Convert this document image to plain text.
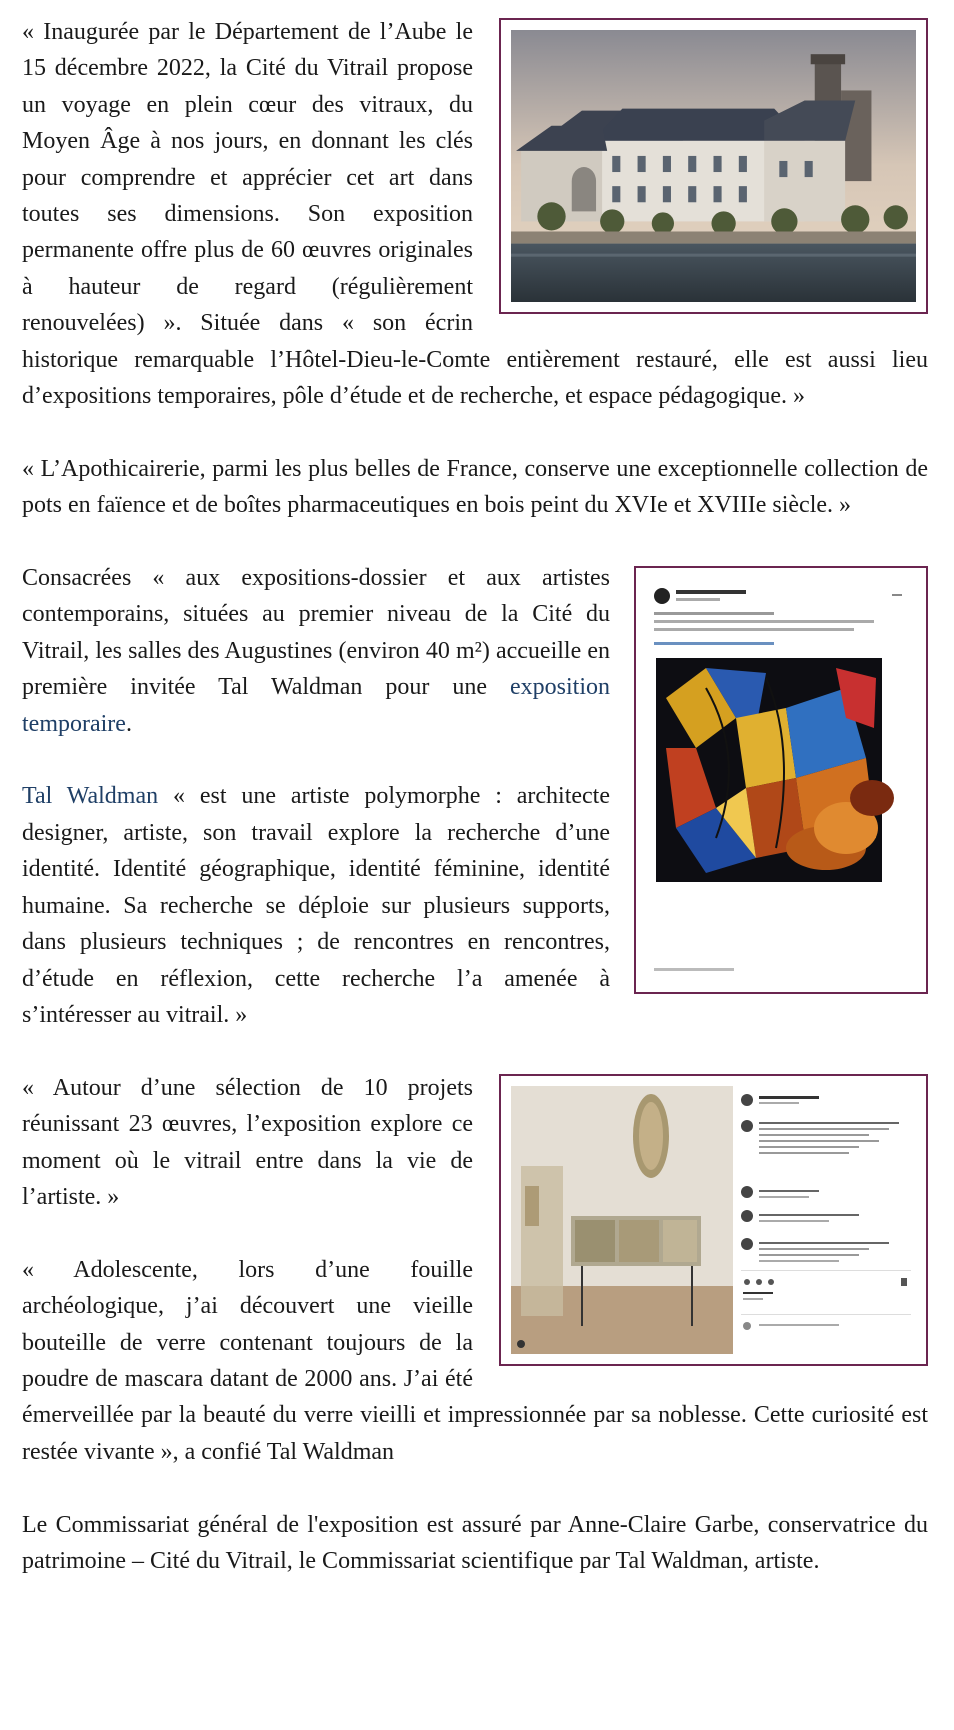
« Inaugurée par le Département de l’Aube le 15 décembre 2022, la Cité du Vitrail propose un voyage en plein cœur des vitraux, du Moyen Âge à nos jours, en donnant les clés pour comprendre et apprécier cet art dans toutes ses dimensions. Son exposition permanente offre plus de 60 œuvres originales à hauteur de regard (régulièrement renouvelées) ». Située dans « son écrin historique remarquable l’Hôtel-Dieu-le-Comte entièrement restauré, elle est aussi lieu d’expositions temporaires, pôle d’étude et de recherche, et espace pédagogique. »

« L’Apothicairerie, parmi les plus belles de France, conserve une exceptionnelle collection de pots en faïence et de boîtes pharmaceutiques en bois peint du XVIe et XVIIIe siècle. »

Consacrées « aux expositions-dossier et aux artistes contemporains, situées au premier niveau de la Cité du Vitrail, les salles des Augustines (environ 40 m²) accueille en première invitée Tal Waldman pour une exposition temporaire.

Tal Waldman « est une artiste polymorphe : architecte designer, artiste, son travail explore la recherche d’une identité. Identité géographique, identité féminine, identité humaine. Sa recherche se déploie sur plusieurs supports, dans plusieurs techniques ; de rencontres en rencontres, d’étude en réflexion, cette recherche l’a amenée à s’intéresser au vitrail. »

« Autour d’une sélection de 10 projets réunissant 23 œuvres, l’exposition explore ce moment où le vitrail entre dans la vie de l’artiste. »

« Adolescente, lors d’une fouille archéologique, j’ai découvert une vieille bouteille de verre contenant toujours de la poudre de mascara datant de 2000 ans. J’ai été émerveillée par la beauté du verre vieilli et impressionnée par sa noblesse. Cette curiosité est restée vivante », a confié Tal Waldman

Le Commissariat général de l'exposition est assuré par Anne-Claire Garbe, conservatrice du patrimoine – Cité du Vitrail, le Commissariat scientifique par Tal Waldman, artiste.
